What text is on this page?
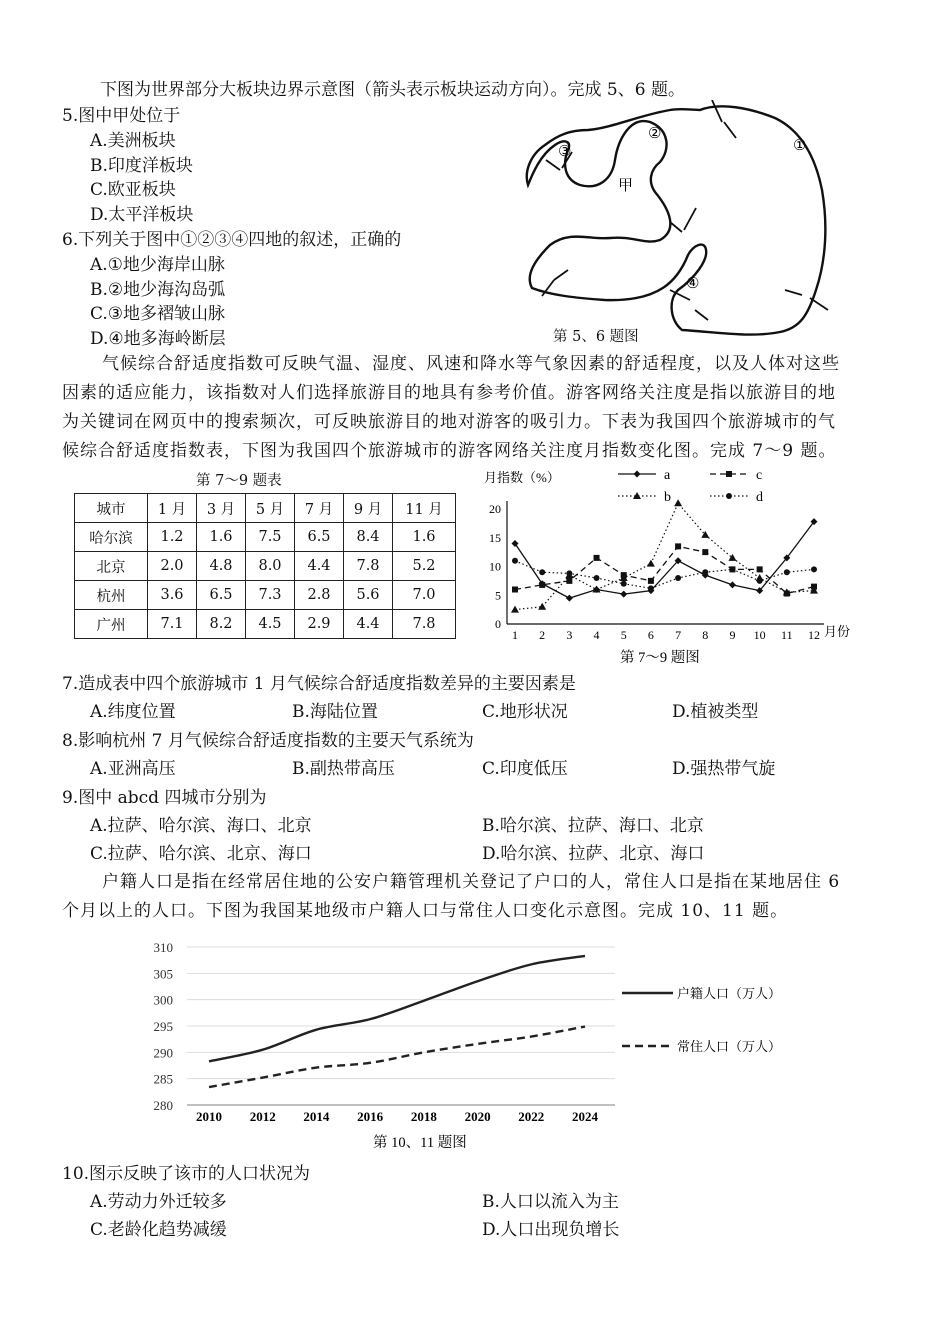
下图为世界部分大板块边界示意图（箭头表示板块运动方向）。完成 5、6 题。
5.图中甲处位于
A.美洲板块
B.印度洋板块
C.欧亚板块
D.太平洋板块
6.下列关于图中①②③④四地的叙述，正确的
A.①地少海岸山脉
B.②地少海沟岛弧
C.③地多褶皱山脉
D.④地多海岭断层
甲
①
②
③
④
第 5、6 题图
气候综合舒适度指数可反映气温、湿度、风速和降水等气象因素的舒适程度，以及人体对这些
因素的适应能力，该指数对人们选择旅游目的地具有参考价值。游客网络关注度是指以旅游目的地
为关键词在网页中的搜索频次，可反映旅游目的地对游客的吸引力。下表为我国四个旅游城市的气
候综合舒适度指数表，下图为我国四个旅游城市的游客网络关注度月指数变化图。完成 7～9 题。
第 7～9 题表
城市	1 月	3 月	5 月	7 月	9 月	11 月
哈尔滨	1.2	1.6	7.5	6.5	8.4	1.6
北京	2.0	4.8	8.0	4.4	7.8	5.2
杭州	3.6	6.5	7.3	2.8	5.6	7.0
广州	7.1	8.2	4.5	2.9	4.4	7.8
月指数（%）
月份
第 7～9 题图
0
5
10
15
20
1 2 3 4 5 6 7 8 9 10 11 12
a	c
b	d
7.造成表中四个旅游城市 1 月气候综合舒适度指数差异的主要因素是
A.纬度位置	B.海陆位置	C.地形状况	D.植被类型
8.影响杭州 7 月气候综合舒适度指数的主要天气系统为
A.亚洲高压	B.副热带高压	C.印度低压	D.强热带气旋
9.图中 abcd 四城市分别为
A.拉萨、哈尔滨、海口、北京	B.哈尔滨、拉萨、海口、北京
C.拉萨、哈尔滨、北京、海口	D.哈尔滨、拉萨、北京、海口
户籍人口是指在经常居住地的公安户籍管理机关登记了户口的人，常住人口是指在某地居住 6
个月以上的人口。下图为我国某地级市户籍人口与常住人口变化示意图。完成 10、11 题。
第 10、11 题图
280
285
290
295
300
305
310
2010 2012 2014 2016 2018 2020 2022 2024
户籍人口（万人）
常住人口（万人）
10.图示反映了该市的人口状况为
A.劳动力外迁较多	B.人口以流入为主
C.老龄化趋势减缓	D.人口出现负增长
